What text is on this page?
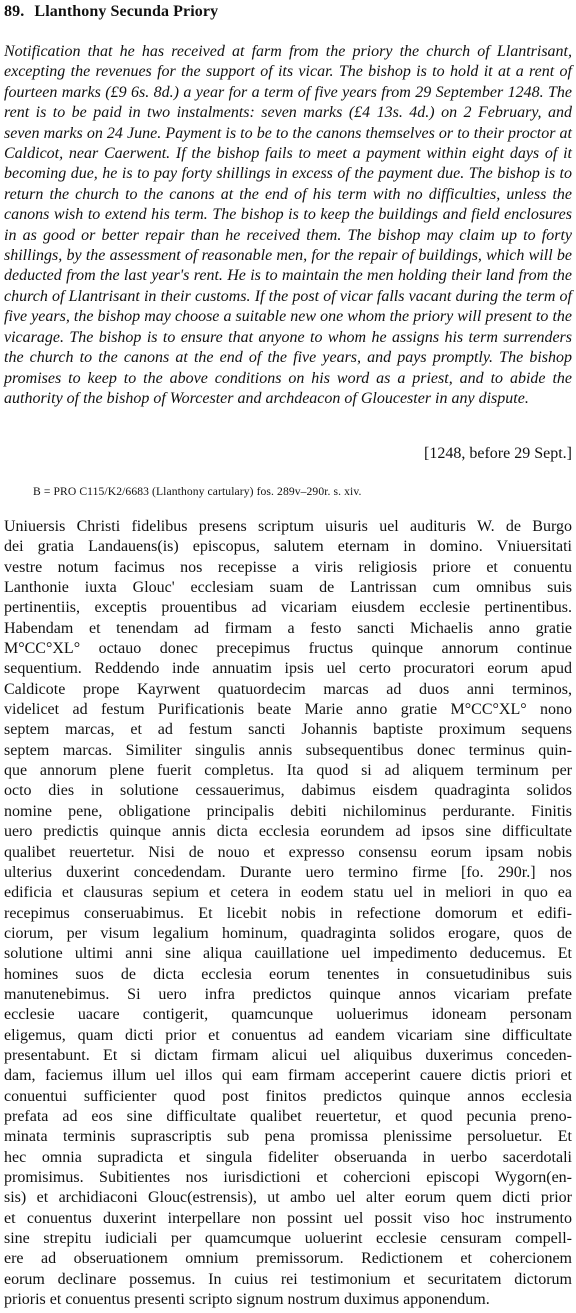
89. Llanthony Secunda Priory
Notification that he has received at farm from the priory the church of Llantrisant, excepting the revenues for the support of its vicar. The bishop is to hold it at a rent of fourteen marks (£9 6s. 8d.) a year for a term of five years from 29 September 1248. The rent is to be paid in two instalments: seven marks (£4 13s. 4d.) on 2 February, and seven marks on 24 June. Payment is to be to the canons themselves or to their proctor at Caldicot, near Caerwent. If the bishop fails to meet a payment within eight days of it becoming due, he is to pay forty shillings in excess of the payment due. The bishop is to return the church to the canons at the end of his term with no difficulties, unless the canons wish to extend his term. The bishop is to keep the buildings and field enclosures in as good or better repair than he received them. The bishop may claim up to forty shillings, by the assessment of reasonable men, for the repair of buildings, which will be deducted from the last year's rent. He is to maintain the men holding their land from the church of Llantrisant in their customs. If the post of vicar falls vacant during the term of five years, the bishop may choose a suitable new one whom the priory will present to the vicarage. The bishop is to ensure that anyone to whom he assigns his term surrenders the church to the canons at the end of the five years, and pays promptly. The bishop promises to keep to the above conditions on his word as a priest, and to abide the authority of the bishop of Worcester and archdeacon of Gloucester in any dispute.
[1248, before 29 Sept.]
B = PRO C115/K2/6683 (Llanthony cartulary) fos. 289v–290r. s. xiv.
Uniuersis Christi fidelibus presens scriptum uisuris uel audituris W. de Burgo
dei gratia Landauens(is) episcopus, salutem eternam in domino. Vniuersitati
vestre notum facimus nos recepisse a viris religiosis priore et conuentu
Lanthonie iuxta Glouc' ecclesiam suam de Lantrissan cum omnibus suis
pertinentiis, exceptis prouentibus ad vicariam eiusdem ecclesie pertinentibus.
Habendam et tenendam ad firmam a festo sancti Michaelis anno gratie
M°CC°XL° octauo donec precepimus fructus quinque annorum continue
sequentium. Reddendo inde annuatim ipsis uel certo procuratori eorum apud
Caldicote prope Kayrwent quatuordecim marcas ad duos anni terminos,
videlicet ad festum Purificationis beate Marie anno gratie M°CC°XL° nono
septem marcas, et ad festum sancti Johannis baptiste proximum sequens
septem marcas. Similiter singulis annis subsequentibus donec terminus quin-
que annorum plene fuerit completus. Ita quod si ad aliquem terminum per
octo dies in solutione cessauerimus, dabimus eisdem quadraginta solidos
nomine pene, obligatione principalis debiti nichilominus perdurante. Finitis
uero predictis quinque annis dicta ecclesia eorundem ad ipsos sine difficultate
qualibet reuertetur. Nisi de nouo et expresso consensu eorum ipsam nobis
ulterius duxerint concedendam. Durante uero termino firme [fo. 290r.] nos
edificia et clausuras sepium et cetera in eodem statu uel in meliori in quo ea
recepimus conseruabimus. Et licebit nobis in refectione domorum et edifi-
ciorum, per visum legalium hominum, quadraginta solidos erogare, quos de
solutione ultimi anni sine aliqua cauillatione uel impedimento deducemus. Et
homines suos de dicta ecclesia eorum tenentes in consuetudinibus suis
manutenebimus. Si uero infra predictos quinque annos vicariam prefate
ecclesie uacare contigerit, quamcunque uoluerimus idoneam personam
eligemus, quam dicti prior et conuentus ad eandem vicariam sine difficultate
presentabunt. Et si dictam firmam alicui uel aliquibus duxerimus conceden-
dam, faciemus illum uel illos qui eam firmam acceperint cauere dictis priori et
conuentui sufficienter quod post finitos predictos quinque annos ecclesia
prefata ad eos sine difficultate qualibet reuertetur, et quod pecunia preno-
minata terminis suprascriptis sub pena promissa plenissime persoluetur. Et
hec omnia supradicta et singula fideliter obseruanda in uerbo sacerdotali
promisimus. Subitientes nos iurisdictioni et cohercioni episcopi Wygorn(en-
sis) et archidiaconi Glouc(estrensis), ut ambo uel alter eorum quem dicti prior
et conuentus duxerint interpellare non possint uel possit viso hoc instrumento
sine strepitu iudiciali per quamcumque uoluerint ecclesie censuram compell-
ere ad obseruationem omnium premissorum. Redictionem et cohercionem
eorum declinare possemus. In cuius rei testimonium et securitatem dictorum
prioris et conuentus presenti scripto signum nostrum duximus apponendum.
